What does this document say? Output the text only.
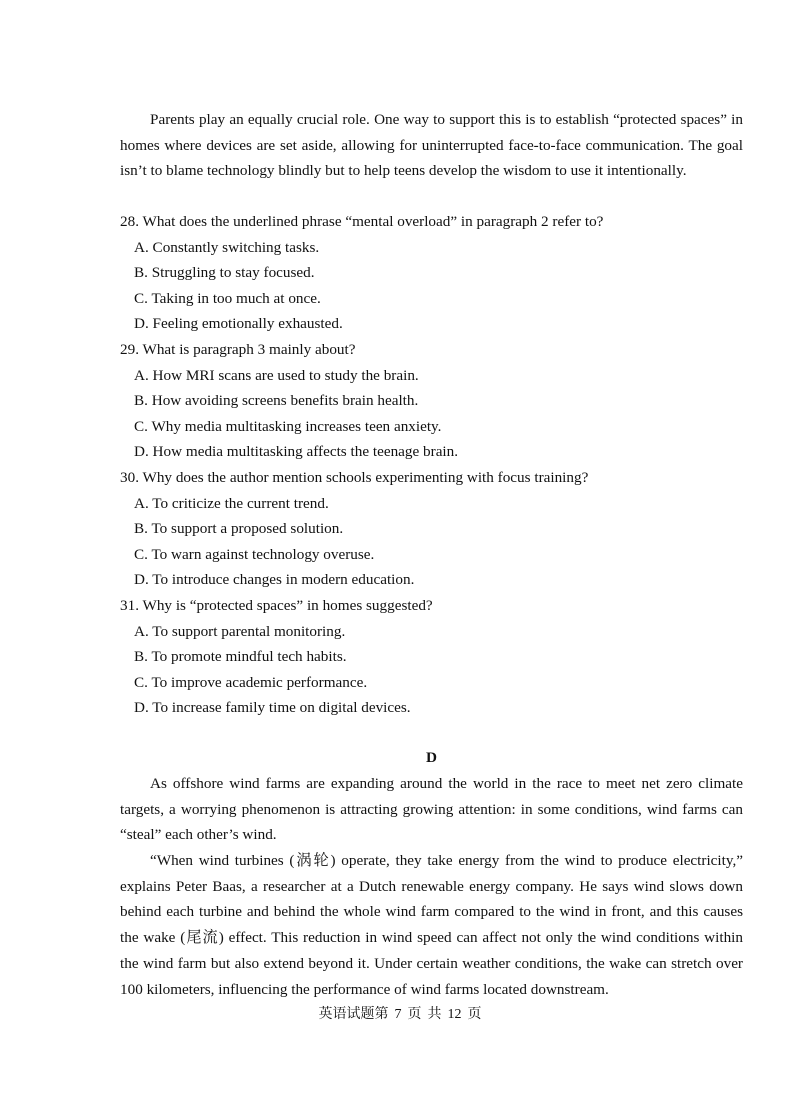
Parents play an equally crucial role. One way to support this is to establish “protected spaces” in homes where devices are set aside, allowing for uninterrupted face-to-face communication. The goal isn’t to blame technology blindly but to help teens develop the wisdom to use it intentionally.

28. What does the underlined phrase “mental overload” in paragraph 2 refer to?
A. Constantly switching tasks.
B. Struggling to stay focused.
C. Taking in too much at once.
D. Feeling emotionally exhausted.
29. What is paragraph 3 mainly about?
A. How MRI scans are used to study the brain.
B. How avoiding screens benefits brain health.
C. Why media multitasking increases teen anxiety.
D. How media multitasking affects the teenage brain.
30. Why does the author mention schools experimenting with focus training?
A. To criticize the current trend.
B. To support a proposed solution.
C. To warn against technology overuse.
D. To introduce changes in modern education.
31. Why is “protected spaces” in homes suggested?
A. To support parental monitoring.
B. To promote mindful tech habits.
C. To improve academic performance.
D. To increase family time on digital devices.
D

As offshore wind farms are expanding around the world in the race to meet net zero climate targets, a worrying phenomenon is attracting growing attention: in some conditions, wind farms can “steal” each other’s wind.

“When wind turbines (涡轮) operate, they take energy from the wind to produce electricity,” explains Peter Baas, a researcher at a Dutch renewable energy company. He says wind slows down behind each turbine and behind the whole wind farm compared to the wind in front, and this causes the wake (尾流) effect. This reduction in wind speed can affect not only the wind conditions within the wind farm but also extend beyond it. Under certain weather conditions, the wake can stretch over 100 kilometers, influencing the performance of wind farms located downstream.

英语试题第 7 页 共 12 页
